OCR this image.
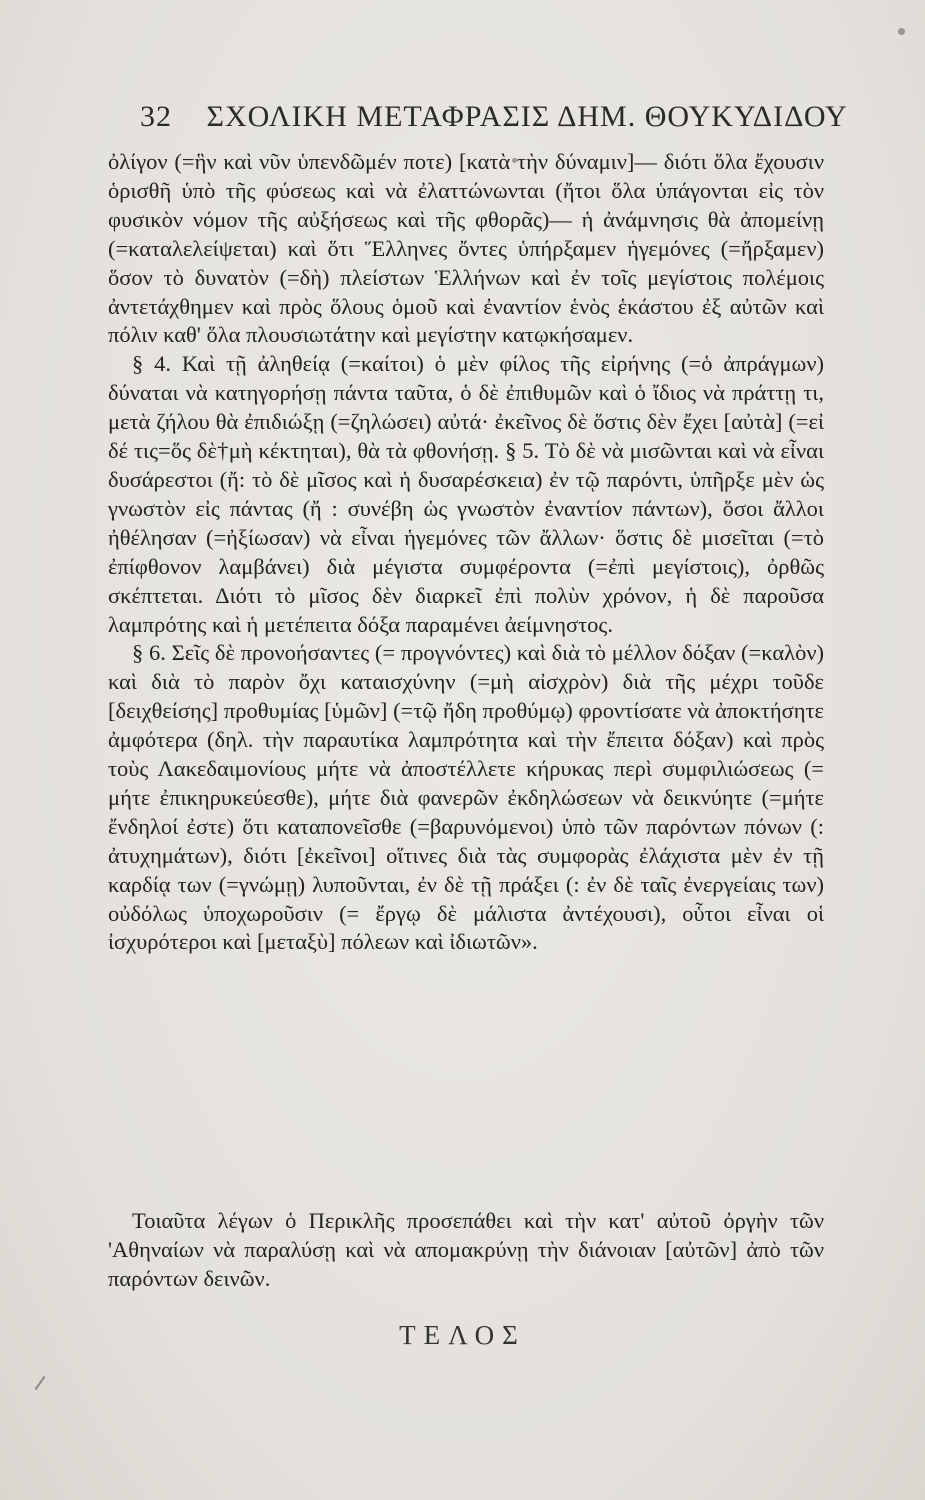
32 ΣΧΟΛΙΚΗ ΜΕΤΑΦΡΑΣΙΣ ΔΗΜ. ΘΟΥΚΥΔΙΔΟΥ

ὀλίγον (=ἣν καὶ νῦν ὑπενδῶμέν ποτε) [κατὰ τὴν δύναμιν]— διότι ὅλα ἔχουσιν ὁρισθῆ ὑπὸ τῆς φύσεως καὶ νὰ ἐλαττώνωνται (ἤτοι ὅλα ὑπάγονται εἰς τὸν φυσικὸν νόμον τῆς αὐξήσεως καὶ τῆς φθορᾶς)— ἡ ἀνάμνησις θὰ ἀπομείνῃ (=καταλελείψεται) καὶ ὅτι Ἕλληνες ὄντες ὑπήρξαμεν ἡγεμόνες (=ἤρξαμεν) ὅσον τὸ δυνατὸν (=δὴ) πλείστων Ἑλλήνων καὶ ἐν τοῖς μεγίστοις πολέμοις ἀντετάχθημεν καὶ πρὸς ὅλους ὁμοῦ καὶ ἐναντίον ἑνὸς ἑκάστου ἐξ αὐτῶν καὶ πόλιν καθ' ὅλα πλουσιωτάτην καὶ μεγίστην κατῳκήσαμεν.

§ 4. Καὶ τῇ ἀληθείᾳ (=καίτοι) ὁ μὲν φίλος τῆς εἰρήνης (=ὁ ἀπράγμων) δύναται νὰ κατηγορήσῃ πάντα ταῦτα, ὁ δὲ ἐπιθυμῶν καὶ ὁ ἴδιος νὰ πράττῃ τι, μετὰ ζήλου θὰ ἐπιδιώξῃ (=ζηλώσει) αὐτά· ἐκεῖνος δὲ ὅστις δὲν ἔχει [αὐτὰ] (=εἰ δέ τις=ὅς δὲ†μὴ κέκτηται), θὰ τὰ φθονήσῃ. § 5. Τὸ δὲ νὰ μισῶνται καὶ νὰ εἶναι δυσάρεστοι (ἤ: τὸ δὲ μῖσος καὶ ἡ δυσαρέσκεια) ἐν τῷ παρόντι, ὑπῆρξε μὲν ὡς γνωστὸν εἰς πάντας (ἤ : συνέβη ὡς γνωστὸν ἐναντίον πάντων), ὅσοι ἄλλοι ἠθέλησαν (=ἠξίωσαν) νὰ εἶναι ἡγεμόνες τῶν ἄλλων· ὅστις δὲ μισεῖται (=τὸ ἐπίφθονον λαμβάνει) διὰ μέγιστα συμφέροντα (=ἐπὶ μεγίστοις), ὀρθῶς σκέπτεται. Διότι τὸ μῖσος δὲν διαρκεῖ ἐπὶ πολὺν χρόνον, ἡ δὲ παροῦσα λαμπρότης καὶ ἡ μετέπειτα δόξα παραμένει ἀείμνηστος.

§ 6. Σεῖς δὲ προνοήσαντες (= προγνόντες) καὶ διὰ τὸ μέλλον δόξαν (=καλὸν) καὶ διὰ τὸ παρὸν ὄχι καταισχύνην (=μὴ αἰσχρὸν) διὰ τῆς μέχρι τοῦδε [δειχθείσης] προθυμίας [ὑμῶν] (=τῷ ἤδη προθύμῳ) φροντίσατε νὰ ἀποκτήσητε ἀμφότερα (δηλ. τὴν παραυτίκα λαμπρότητα καὶ τὴν ἔπειτα δόξαν) καὶ πρὸς τοὺς Λακεδαιμονίους μήτε νὰ ἀποστέλλετε κήρυκας περὶ συμφιλιώσεως (= μήτε ἐπικηρυκεύεσθε), μήτε διὰ φανερῶν ἐκδηλώσεων νὰ δεικνύητε (=μήτε ἔνδηλοί ἐστε) ὅτι καταπονεῖσθε (=βαρυνόμενοι) ὑπὸ τῶν παρόντων πόνων (: ἀτυχημάτων), διότι [ἐκεῖνοι] οἵτινες διὰ τὰς συμφορὰς ἐλάχιστα μὲν ἐν τῇ καρδίᾳ των (=γνώμῃ) λυποῦνται, ἐν δὲ τῇ πράξει (: ἐν δὲ ταῖς ἐνεργείαις των) οὐδόλως ὑποχωροῦσιν (= ἔργῳ δὲ μάλιστα ἀντέχουσι), οὗτοι εἶναι οἱ ἰσχυρότεροι καὶ [μεταξὺ] πόλεων καὶ ἰδιωτῶν».

Τοιαῦτα λέγων ὁ Περικλῆς προσεπάθει καὶ τὴν κατ' αὐτοῦ ὀργὴν τῶν 'Αθηναίων νὰ παραλύσῃ καὶ νὰ απομακρύνῃ τὴν διάνοιαν [αὐτῶν] ἀπὸ τῶν παρόντων δεινῶν.
ΤΕΛΟΣ
